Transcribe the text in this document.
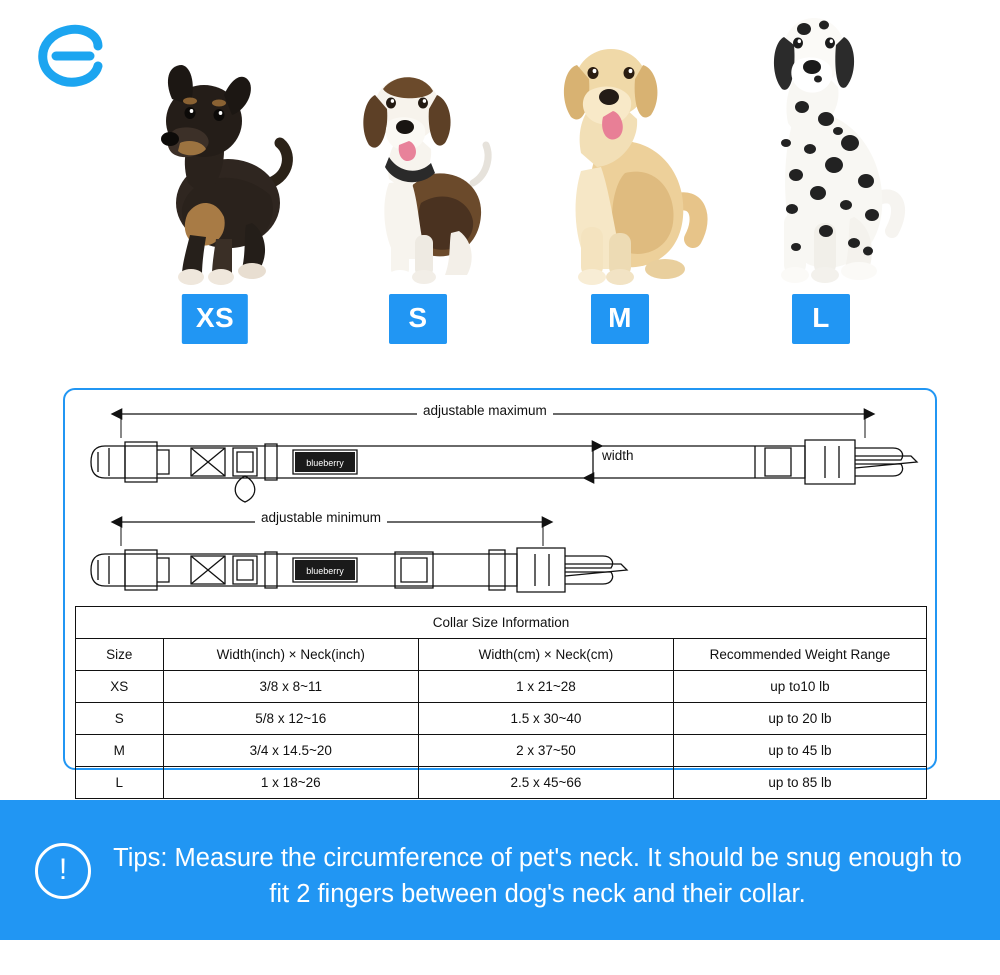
XS	S	M	L
blueberry
blueberry
adjustable maximum
adjustable minimum
width
Collar Size Information			
Size	Width(inch) × Neck(inch)	Width(cm) × Neck(cm)	Recommended Weight Range
XS	3/8 x 8~11	1 x 21~28	up to10 lb
S	5/8 x 12~16	1.5 x 30~40	up to 20 lb
M	3/4 x 14.5~20	2 x 37~50	up to 45 lb
L	1 x 18~26	2.5 x 45~66	up to 85 lb
!	Tips: Measure the circumference of pet's neck. It should be snug enough to fit 2 fingers between dog's neck and their collar.
